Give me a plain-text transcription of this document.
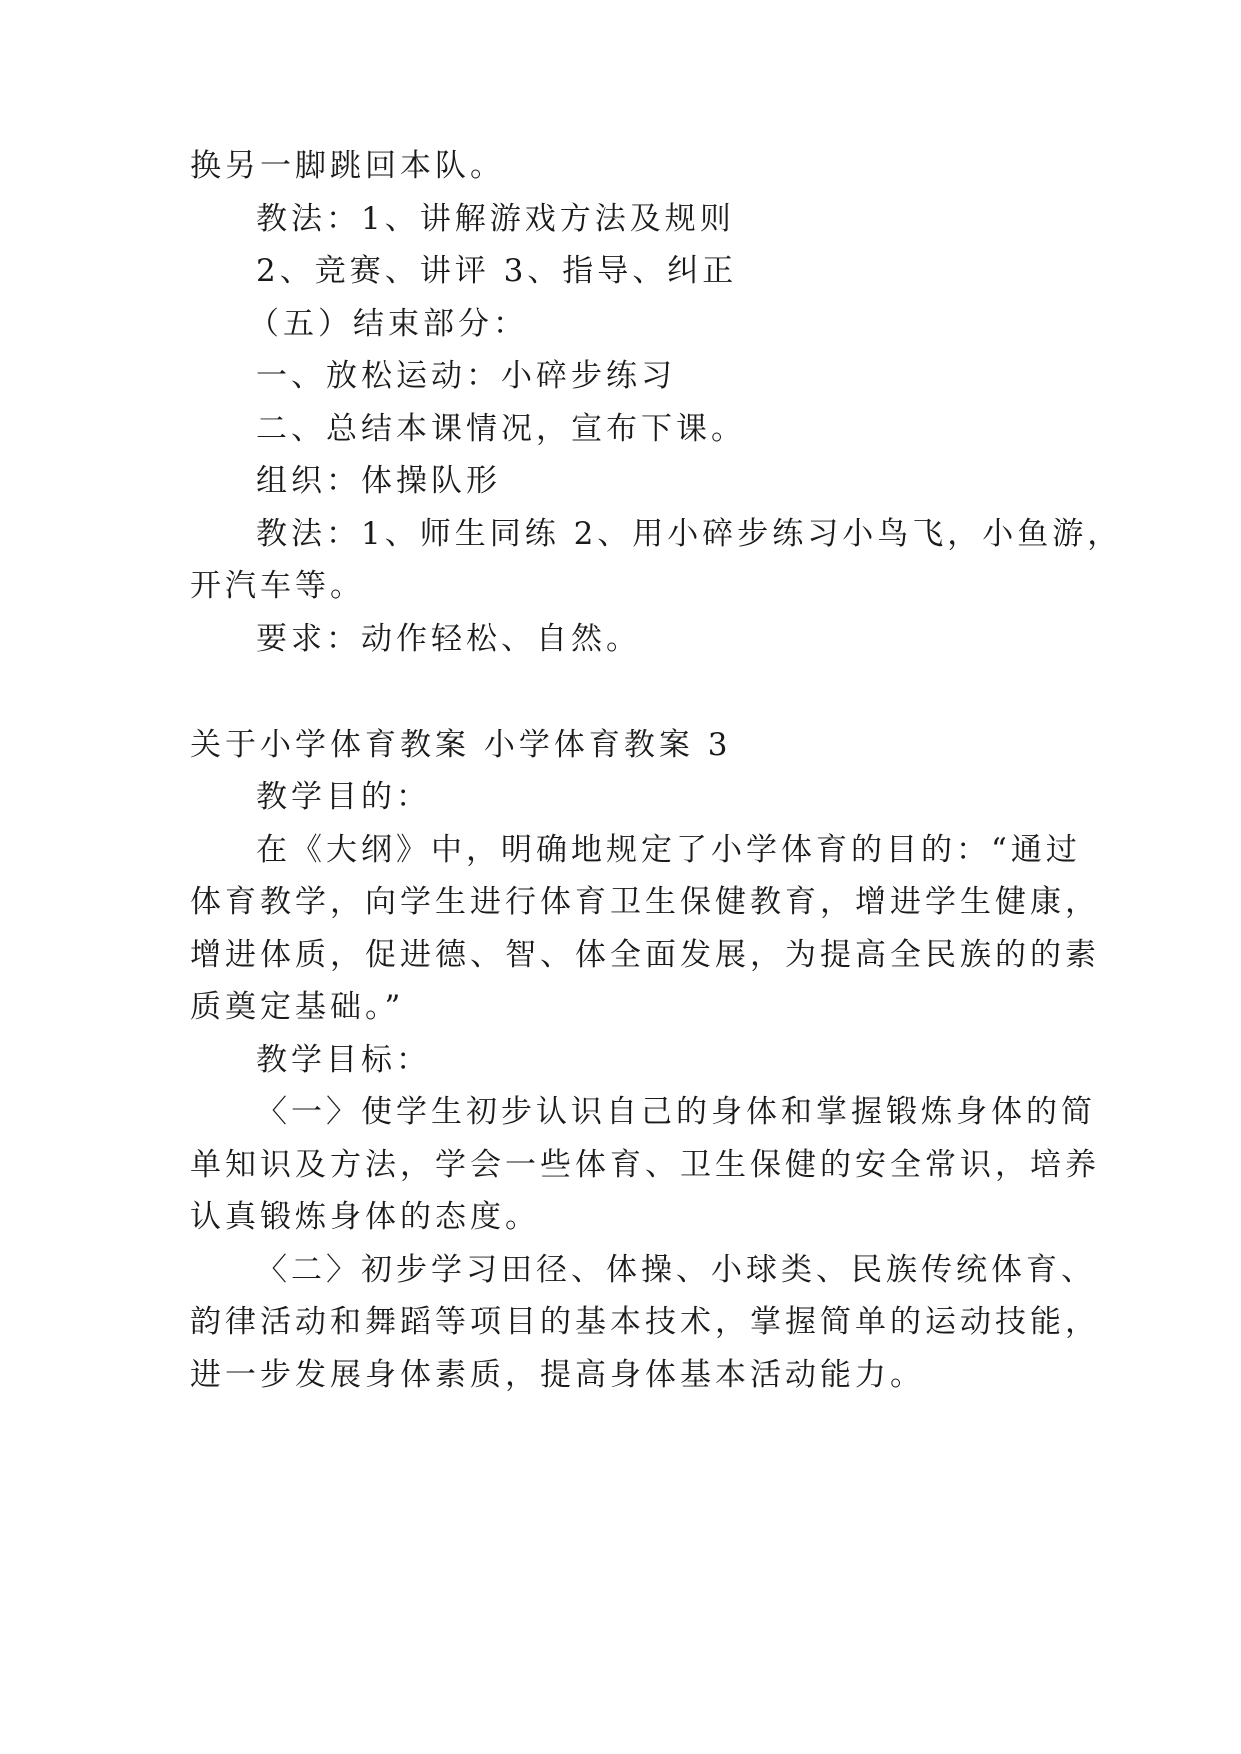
换另一脚跳回本队。
教法：1、讲解游戏方法及规则
2、竞赛、讲评 3、指导、纠正
（五）结束部分：
一、放松运动：小碎步练习
二、总结本课情况，宣布下课。
组织：体操队形
教法：1、师生同练 2、用小碎步练习小鸟飞，小鱼游，
开汽车等。
要求：动作轻松、自然。
关于小学体育教案 小学体育教案 3
教学目的：
在《大纲》中，明确地规定了小学体育的目的：“通过
体育教学，向学生进行体育卫生保健教育，增进学生健康，
增进体质，促进德、智、体全面发展，为提高全民族的的素
质奠定基础。”
教学目标：
〈一〉使学生初步认识自己的身体和掌握锻炼身体的简
单知识及方法，学会一些体育、卫生保健的安全常识，培养
认真锻炼身体的态度。
〈二〉初步学习田径、体操、小球类、民族传统体育、
韵律活动和舞蹈等项目的基本技术，掌握简单的运动技能，
进一步发展身体素质，提高身体基本活动能力。
